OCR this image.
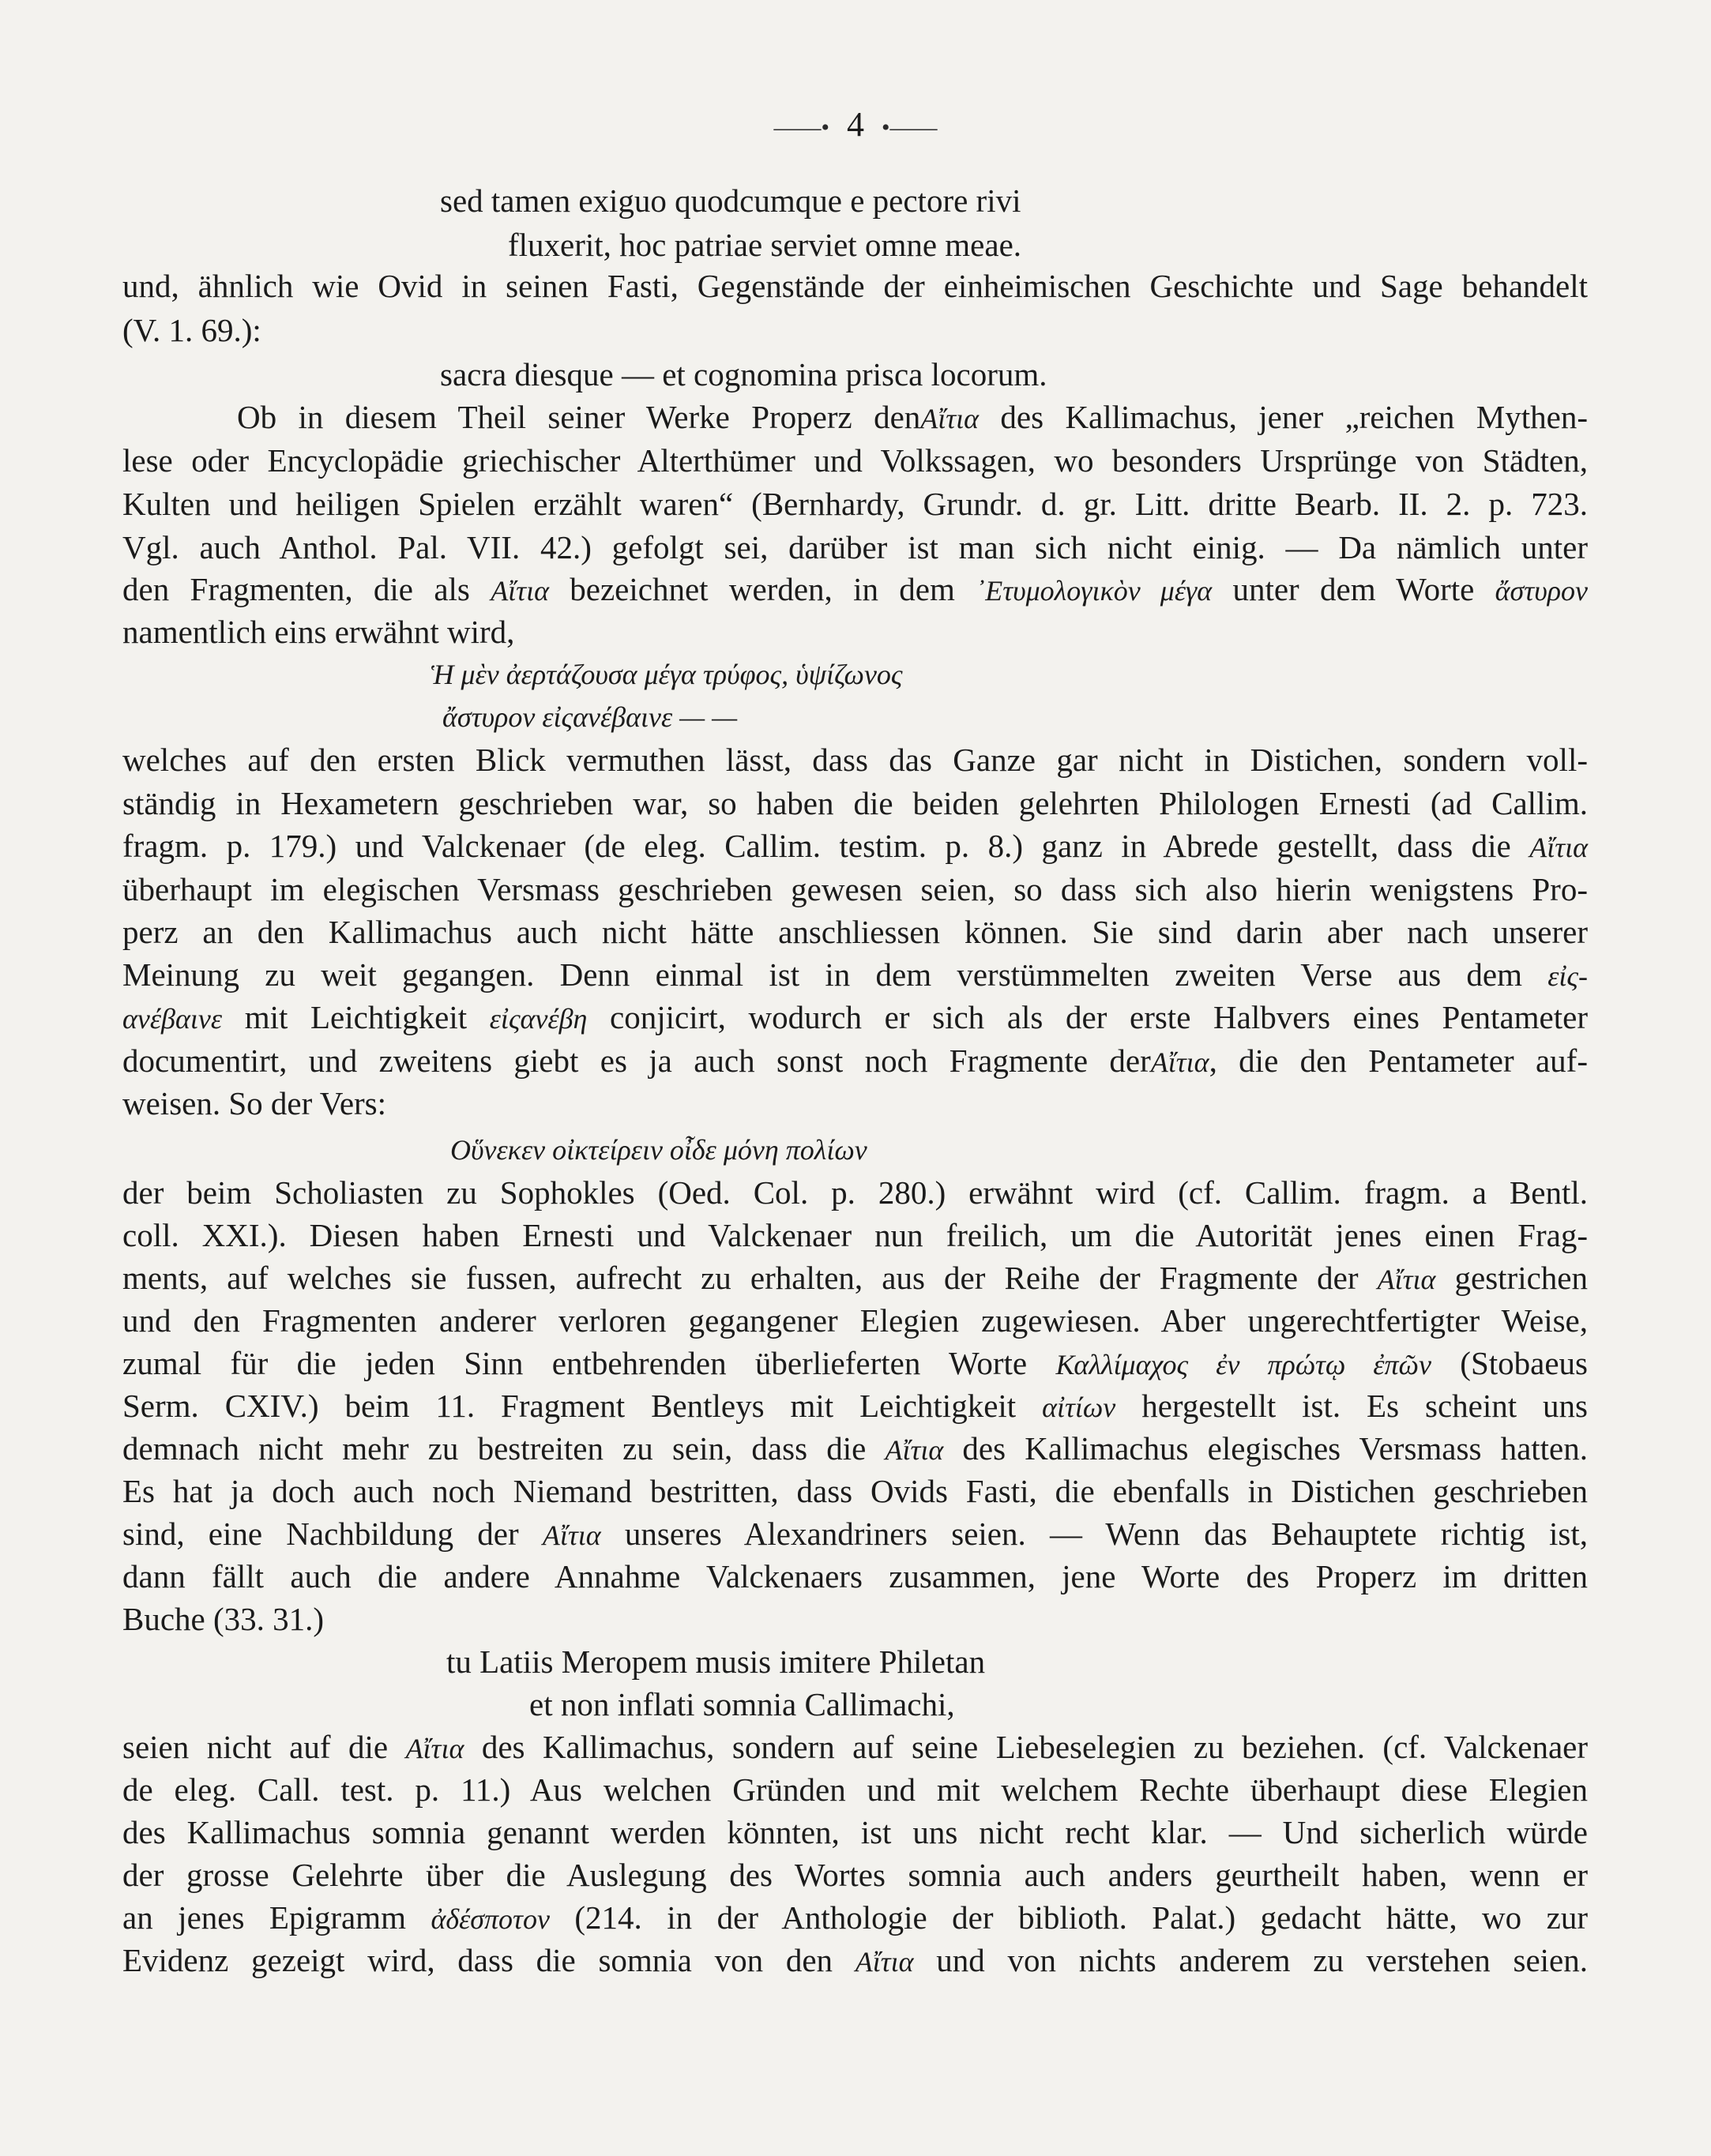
——• 4 •——
sed tamen exiguo quodcumque e pectore rivi
fluxerit, hoc patriae serviet omne meae.
und, ähnlich wie Ovid in seinen Fasti, Gegenstände der einheimischen Geschichte und Sage behandelt
(V. 1. 69.):
sacra diesque — et cognomina prisca locorum.
Ob in diesem Theil seiner Werke Properz denΑἴτια des Kallimachus, jener „reichen Mythen-
lese oder Encyclopädie griechischer Alterthümer und Volkssagen, wo besonders Ursprünge von Städten,
Kulten und heiligen Spielen erzählt waren“ (Bernhardy, Grundr. d. gr. Litt. dritte Bearb. II. 2. p. 723.
Vgl. auch Anthol. Pal. VII. 42.) gefolgt sei, darüber ist man sich nicht einig. — Da nämlich unter
den Fragmenten, die als Αἴτια bezeichnet werden, in dem ᾿Ετυμολογικὸν μέγα unter dem Worte ἄστυρον
namentlich eins erwähnt wird,
Ἡ μὲν ἀερτάζουσα μέγα τρύφος, ὑψίζωνος
ἄστυρον εἰςανέβαινε — —
welches auf den ersten Blick vermuthen lässt, dass das Ganze gar nicht in Distichen, sondern voll-
ständig in Hexametern geschrieben war, so haben die beiden gelehrten Philologen Ernesti (ad Callim.
fragm. p. 179.) und Valckenaer (de eleg. Callim. testim. p. 8.) ganz in Abrede gestellt, dass die Αἴτια
überhaupt im elegischen Versmass geschrieben gewesen seien, so dass sich also hierin wenigstens Pro-
perz an den Kallimachus auch nicht hätte anschliessen können. Sie sind darin aber nach unserer
Meinung zu weit gegangen. Denn einmal ist in dem verstümmelten zweiten Verse aus dem εἰς-
ανέβαινε mit Leichtigkeit εἰςανέβη conjicirt, wodurch er sich als der erste Halbvers eines Pentameter
documentirt, und zweitens giebt es ja auch sonst noch Fragmente derΑἴτια, die den Pentameter auf-
weisen. So der Vers:
Οὕνεκεν οἰκτείρειν οἶδε μόνη πολίων
der beim Scholiasten zu Sophokles (Oed. Col. p. 280.) erwähnt wird (cf. Callim. fragm. a Bentl.
coll. XXI.). Diesen haben Ernesti und Valckenaer nun freilich, um die Autorität jenes einen Frag-
ments, auf welches sie fussen, aufrecht zu erhalten, aus der Reihe der Fragmente der Αἴτια gestrichen
und den Fragmenten anderer verloren gegangener Elegien zugewiesen. Aber ungerechtfertigter Weise,
zumal für die jeden Sinn entbehrenden überlieferten Worte Καλλίμαχος ἐν πρώτῳ ἐπῶν (Stobaeus
Serm. CXIV.) beim 11. Fragment Bentleys mit Leichtigkeit αἰτίων hergestellt ist. Es scheint uns
demnach nicht mehr zu bestreiten zu sein, dass die Αἴτια des Kallimachus elegisches Versmass hatten.
Es hat ja doch auch noch Niemand bestritten, dass Ovids Fasti, die ebenfalls in Distichen geschrieben
sind, eine Nachbildung der Αἴτια unseres Alexandriners seien. — Wenn das Behauptete richtig ist,
dann fällt auch die andere Annahme Valckenaers zusammen, jene Worte des Properz im dritten
Buche (33. 31.)
tu Latiis Meropem musis imitere Philetan
et non inflati somnia Callimachi,
seien nicht auf die Αἴτια des Kallimachus, sondern auf seine Liebeselegien zu beziehen. (cf. Valckenaer
de eleg. Call. test. p. 11.) Aus welchen Gründen und mit welchem Rechte überhaupt diese Elegien
des Kallimachus somnia genannt werden könnten, ist uns nicht recht klar. — Und sicherlich würde
der grosse Gelehrte über die Auslegung des Wortes somnia auch anders geurtheilt haben, wenn er
an jenes Epigramm ἀδέσποτον (214. in der Anthologie der biblioth. Palat.) gedacht hätte, wo zur
Evidenz gezeigt wird, dass die somnia von den Αἴτια und von nichts anderem zu verstehen seien.
